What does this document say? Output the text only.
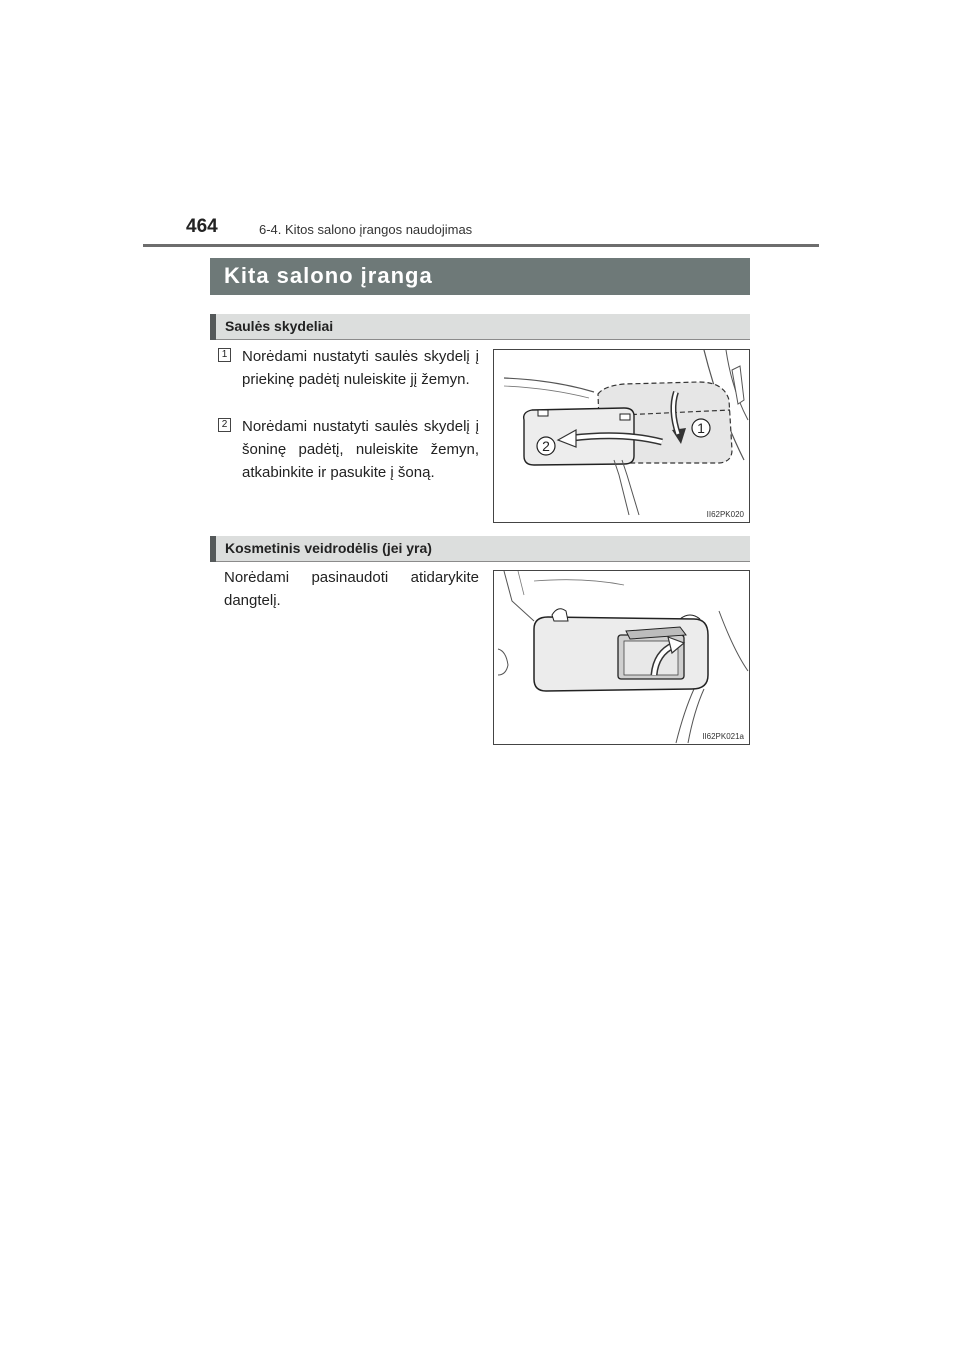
464	6-4. Kitos salono įrangos naudojimas
Kita salono įranga
Saulės skydeliai
1 Norėdami nustatyti saulės skydelį į priekinę padėtį nuleiskite jį žemyn.
2 Norėdami nustatyti saulės skydelį į šoninę padėtį, nuleiskite žemyn, atkabinkite ir pasukite į šoną.
1
2
II62PK020
Kosmetinis veidrodėlis (jei yra)
Norėdami pasinaudoti atidarykite dangtelį.
II62PK021a
